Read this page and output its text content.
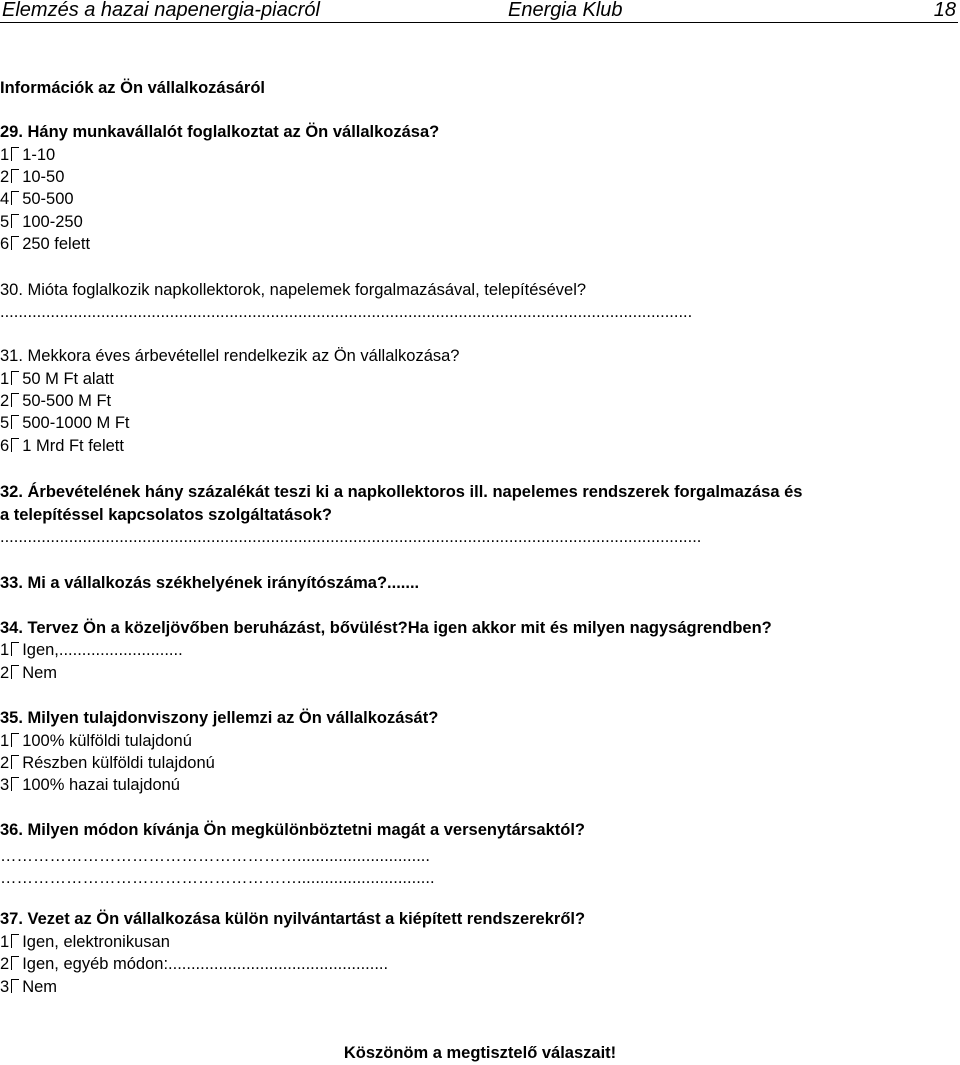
Elemzés a hazai napenergia-piacról	Energia Klub	18
Információk az Ön vállalkozásáról
29. Hány munkavállalót foglalkoztat az Ön vállalkozása?
1 1-10
2 10-50
4 50-500
5 100-250
6 250 felett
30. Mióta foglalkozik napkollektorok, napelemek forgalmazásával, telepítésével?
.......................................................................................................................................................
31. Mekkora éves árbevétellel rendelkezik az Ön vállalkozása?
1 50 M Ft alatt
2 50-500 M Ft
5 500-1000 M Ft
6 1 Mrd Ft felett
32. Árbevételének hány százalékát teszi ki a napkollektoros ill. napelemes rendszerek forgalmazása és
a telepítéssel kapcsolatos szolgáltatások?
.........................................................................................................................................................
33. Mi a vállalkozás székhelyének irányítószáma?.......
34. Tervez Ön a közeljövőben beruházást, bővülést?Ha igen akkor mit és milyen nagyságrendben?
1 Igen,...........................
2 Nem
35. Milyen tulajdonviszony jellemzi az Ön vállalkozását?
1 100% külföldi tulajdonú
2 Részben külföldi tulajdonú
3 100% hazai tulajdonú
36. Milyen módon kívánja Ön megkülönböztetni magát a versenytársaktól?
……………………………………………….............................
………………………………………………..............................
37. Vezet az Ön vállalkozása külön nyilvántartást a kiépített rendszerekről?
1 Igen, elektronikusan
2 Igen, egyéb módon:................................................
3 Nem
Köszönöm a megtisztelő válaszait!
